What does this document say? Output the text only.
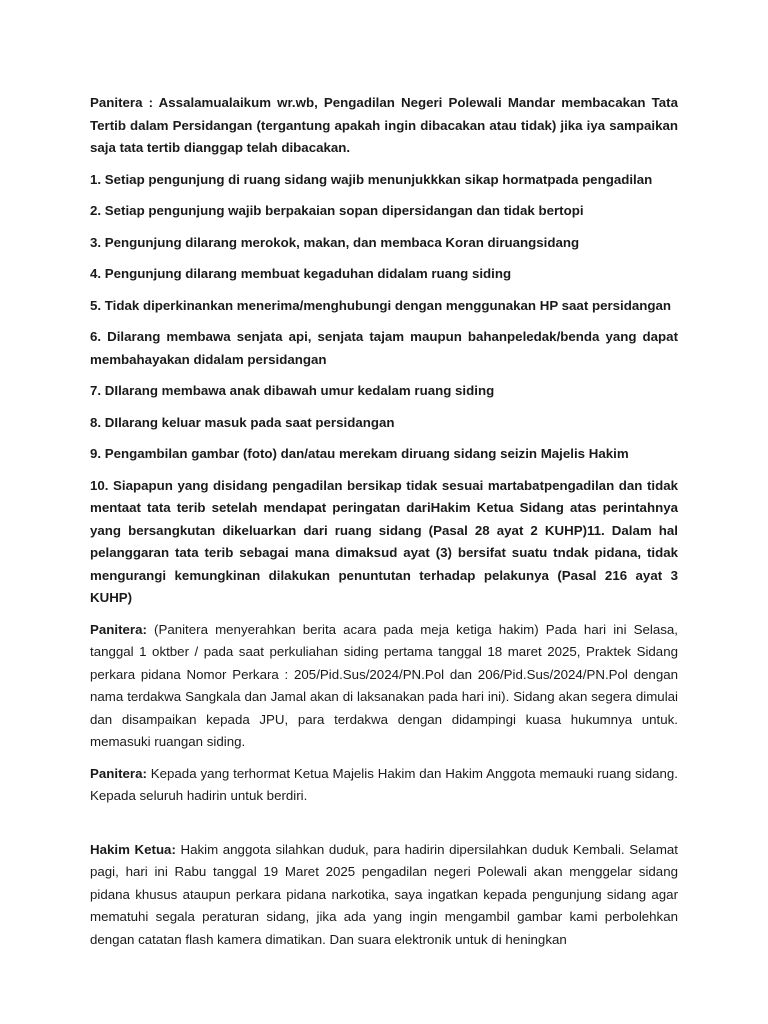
Panitera : Assalamualaikum wr.wb, Pengadilan Negeri Polewali Mandar membacakan Tata Tertib dalam Persidangan (tergantung apakah ingin dibacakan atau tidak) jika iya sampaikan saja tata tertib dianggap telah dibacakan.

1. Setiap pengunjung di ruang sidang wajib menunjukkkan sikap hormatpada pengadilan

2. Setiap pengunjung wajib berpakaian sopan dipersidangan dan tidak bertopi

3. Pengunjung dilarang merokok, makan, dan membaca Koran diruangsidang

4. Pengunjung dilarang membuat kegaduhan didalam ruang siding

5. Tidak diperkinankan menerima/menghubungi dengan menggunakan HP saat persidangan

6. Dilarang membawa senjata api, senjata tajam maupun bahanpeledak/benda yang dapat membahayakan didalam persidangan

7. DIlarang membawa anak dibawah umur kedalam ruang siding

8. DIlarang keluar masuk pada saat persidangan

9. Pengambilan gambar (foto) dan/atau merekam diruang sidang seizin Majelis Hakim

10. Siapapun yang disidang pengadilan bersikap tidak sesuai martabatpengadilan dan tidak mentaat tata terib setelah mendapat peringatan dariHakim Ketua Sidang atas perintahnya yang bersangkutan dikeluarkan dari ruang sidang (Pasal 28 ayat 2 KUHP)11. Dalam hal pelanggaran tata terib sebagai mana dimaksud ayat (3) bersifat suatu tndak pidana, tidak mengurangi kemungkinan dilakukan penuntutan terhadap pelakunya (Pasal 216 ayat 3 KUHP)

Panitera: (Panitera menyerahkan berita acara pada meja ketiga hakim) Pada hari ini Selasa, tanggal 1 oktber / pada saat perkuliahan siding pertama tanggal 18 maret 2025, Praktek Sidang perkara pidana Nomor Perkara : 205/Pid.Sus/2024/PN.Pol dan 206/Pid.Sus/2024/PN.Pol dengan nama terdakwa Sangkala dan Jamal akan di laksanakan pada hari ini). Sidang akan segera dimulai dan disampaikan kepada JPU, para terdakwa dengan didampingi kuasa hukumnya untuk. memasuki ruangan siding.

Panitera: Kepada yang terhormat Ketua Majelis Hakim dan Hakim Anggota memauki ruang sidang. Kepada seluruh hadirin untuk berdiri.

Hakim Ketua: Hakim anggota silahkan duduk, para hadirin dipersilahkan duduk Kembali. Selamat pagi, hari ini Rabu tanggal 19 Maret 2025 pengadilan negeri Polewali akan menggelar sidang pidana khusus ataupun perkara pidana narkotika, saya ingatkan kepada pengunjung sidang agar mematuhi segala peraturan sidang, jika ada yang ingin mengambil gambar kami perbolehkan dengan catatan flash kamera dimatikan. Dan suara elektronik untuk di heningkan
